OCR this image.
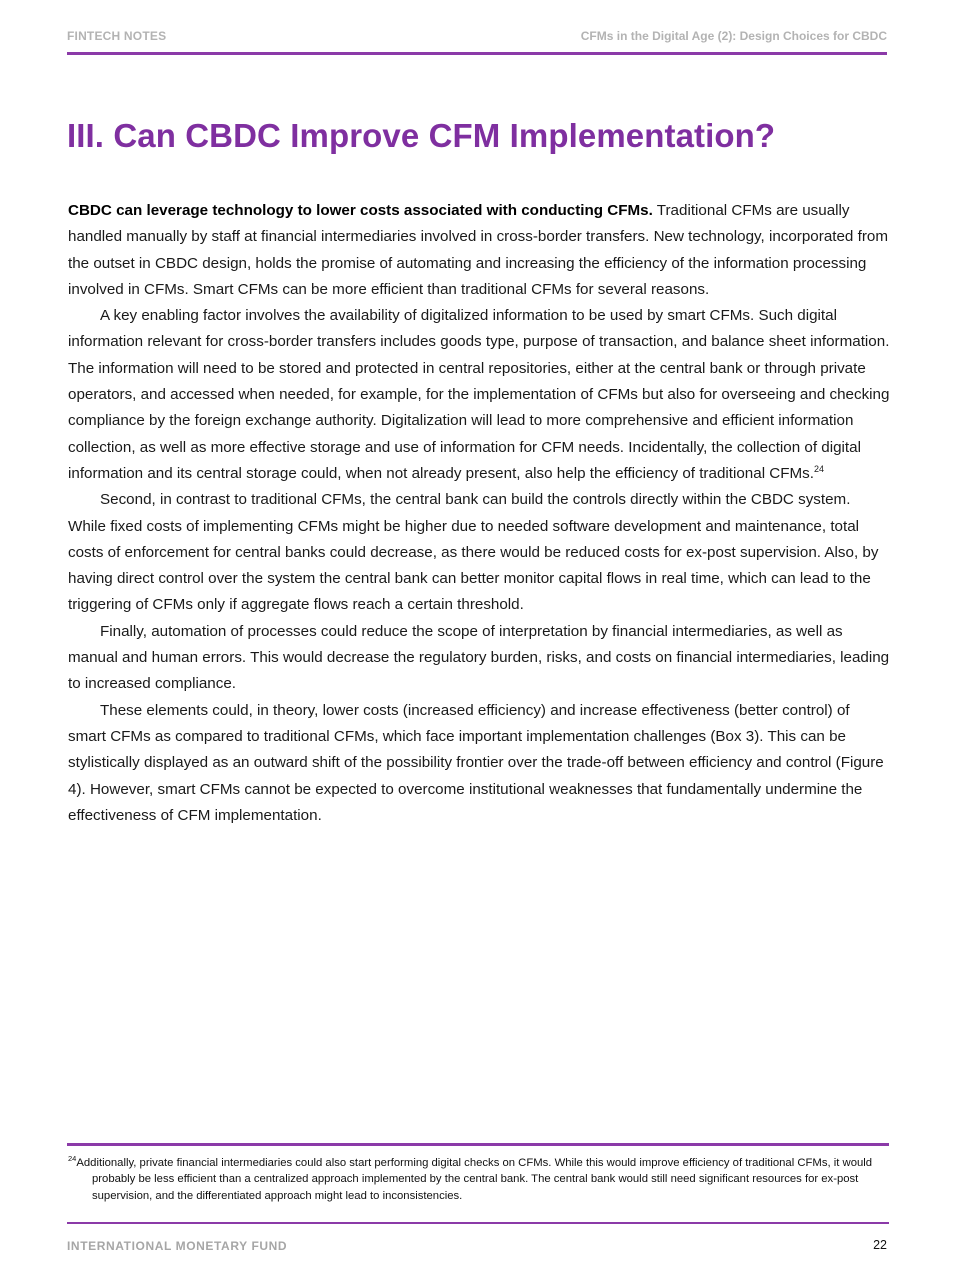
FINTECH NOTES	CFMs in the Digital Age (2): Design Choices for CBDC
III. Can CBDC Improve CFM Implementation?

CBDC can leverage technology to lower costs associated with conducting CFMs. Traditional CFMs are usually handled manually by staff at financial intermediaries involved in cross-border transfers. New technology, incorporated from the outset in CBDC design, holds the promise of automating and increasing the efficiency of the information processing involved in CFMs. Smart CFMs can be more efficient than traditional CFMs for several reasons.

A key enabling factor involves the availability of digitalized information to be used by smart CFMs. Such digital information relevant for cross-border transfers includes goods type, purpose of transaction, and balance sheet information. The information will need to be stored and protected in central repositories, either at the central bank or through private operators, and accessed when needed, for example, for the implementation of CFMs but also for overseeing and checking compliance by the foreign exchange authority. Digitalization will lead to more comprehensive and efficient information collection, as well as more effective storage and use of information for CFM needs. Incidentally, the collection of digital information and its central storage could, when not already present, also help the efficiency of traditional CFMs.$^{24}$

Second, in contrast to traditional CFMs, the central bank can build the controls directly within the CBDC system. While fixed costs of implementing CFMs might be higher due to needed software development and maintenance, total costs of enforcement for central banks could decrease, as there would be reduced costs for ex-post supervision. Also, by having direct control over the system the central bank can better monitor capital flows in real time, which can lead to the triggering of CFMs only if aggregate flows reach a certain threshold.

Finally, automation of processes could reduce the scope of interpretation by financial intermediaries, as well as manual and human errors. This would decrease the regulatory burden, risks, and costs on financial intermediaries, leading to increased compliance.

These elements could, in theory, lower costs (increased efficiency) and increase effectiveness (better control) of smart CFMs as compared to traditional CFMs, which face important implementation challenges (Box 3). This can be stylistically displayed as an outward shift of the possibility frontier over the trade-off between efficiency and control (Figure 4). However, smart CFMs cannot be expected to overcome institutional weaknesses that fundamentally undermine the effectiveness of CFM implementation.

$^{24}$Additionally, private financial intermediaries could also start performing digital checks on CFMs. While this would improve efficiency of traditional CFMs, it would probably be less efficient than a centralized approach implemented by the central bank. The central bank would still need significant resources for ex-post supervision, and the differentiated approach might lead to inconsistencies.
INTERNATIONAL MONETARY FUND	22
